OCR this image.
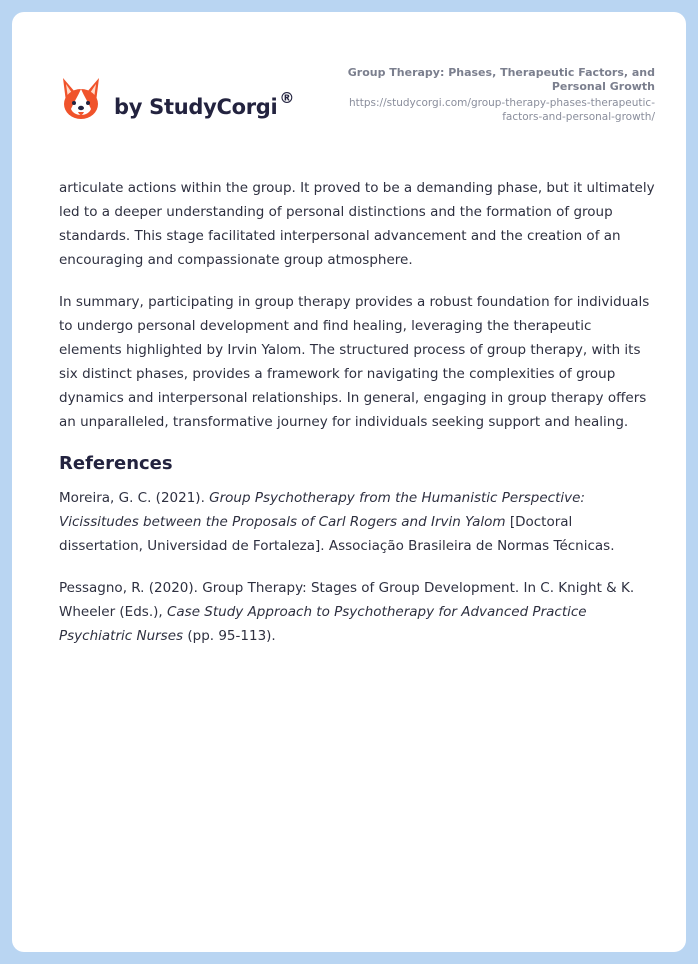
by StudyCorgi ®
Group Therapy: Phases, Therapeutic Factors, and Personal Growth
https://studycorgi.com/group-therapy-phases-therapeutic-factors-and-personal-growth/

articulate actions within the group. It proved to be a demanding phase, but it ultimately led to a deeper understanding of personal distinctions and the formation of group standards. This stage facilitated interpersonal advancement and the creation of an encouraging and compassionate group atmosphere.

In summary, participating in group therapy provides a robust foundation for individuals to undergo personal development and find healing, leveraging the therapeutic elements highlighted by Irvin Yalom. The structured process of group therapy, with its six distinct phases, provides a framework for navigating the complexities of group dynamics and interpersonal relationships. In general, engaging in group therapy offers an unparalleled, transformative journey for individuals seeking support and healing.

References

Moreira, G. C. (2021). Group Psychotherapy from the Humanistic Perspective: Vicissitudes between the Proposals of Carl Rogers and Irvin Yalom [Doctoral dissertation, Universidad de Fortaleza]. Associação Brasileira de Normas Técnicas.

Pessagno, R. (2020). Group Therapy: Stages of Group Development. In C. Knight & K. Wheeler (Eds.), Case Study Approach to Psychotherapy for Advanced Practice Psychiatric Nurses (pp. 95-113).
